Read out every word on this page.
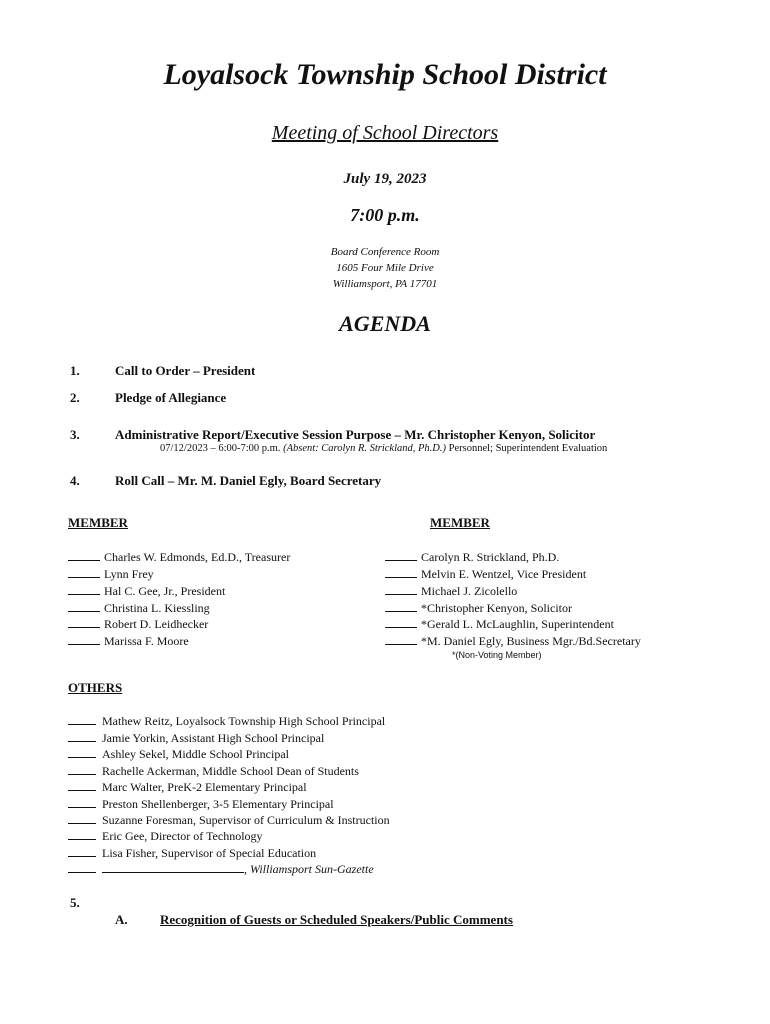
Loyalsock Township School District
Meeting of School Directors
July 19, 2023
7:00 p.m.
Board Conference Room
1605 Four Mile Drive
Williamsport, PA 17701
AGENDA
1.	Call to Order – President
2.	Pledge of Allegiance
3.	Administrative Report/Executive Session Purpose – Mr. Christopher Kenyon, Solicitor
07/12/2023 – 6:00-7:00 p.m. (Absent: Carolyn R. Strickland, Ph.D.) Personnel; Superintendent Evaluation
4.	Roll Call – Mr. M. Daniel Egly, Board Secretary
MEMBER	MEMBER
Charles W. Edmonds, Ed.D., Treasurer
Lynn Frey
Hal C. Gee, Jr., President
Christina L. Kiessling
Robert D. Leidhecker
Marissa F. Moore
Carolyn R. Strickland, Ph.D.
Melvin E. Wentzel, Vice President
Michael J. Zicolello
*Christopher Kenyon, Solicitor
*Gerald L. McLaughlin, Superintendent
*M. Daniel Egly, Business Mgr./Bd.Secretary
*(Non-Voting Member)
OTHERS
Mathew Reitz, Loyalsock Township High School Principal
Jamie Yorkin, Assistant High School Principal
Ashley Sekel, Middle School Principal
Rachelle Ackerman, Middle School Dean of Students
Marc Walter, PreK-2 Elementary Principal
Preston Shellenberger, 3-5 Elementary Principal
Suzanne Foresman, Supervisor of Curriculum & Instruction
Eric Gee, Director of Technology
Lisa Fisher, Supervisor of Special Education
, Williamsport Sun-Gazette
5.
A. Recognition of Guests or Scheduled Speakers/Public Comments
